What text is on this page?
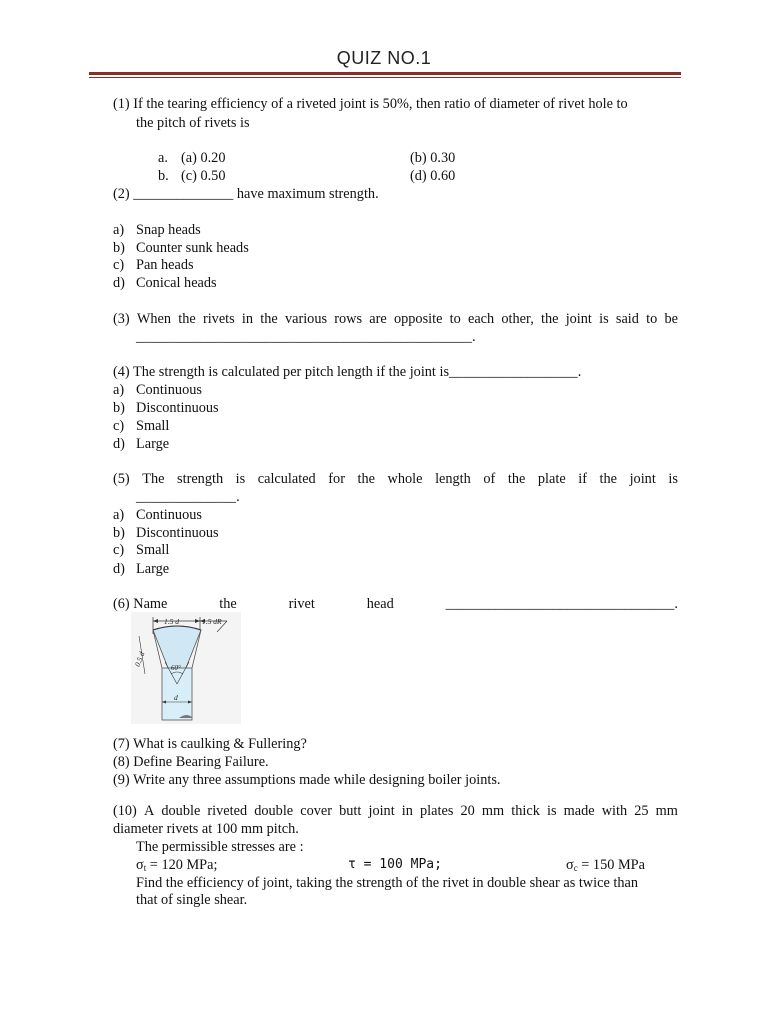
QUIZ NO.1
(1) If the tearing efficiency of a riveted joint is 50%, then ratio of diameter of rivet hole to
the pitch of rivets is
a. (a) 0.20	(b) 0.30
b. (c) 0.50	(d) 0.60
(2) ______________ have maximum strength.
a) Snap heads
b) Counter sunk heads
c) Pan heads
d) Conical heads
(3) When the rivets in the various rows are opposite to each other, the joint is said to be
_______________________________________________.
(4) The strength is calculated per pitch length if the joint is__________________.
a) Continuous
b) Discontinuous
c) Small
d) Large
(5) The strength is calculated for the whole length of the plate if the joint is
______________.
a) Continuous
b) Discontinuous
c) Small
d) Large
(6) Name	the	rivet	head	________________________________.
1.5 d	1.5 dR
60°
0.5 d
d
(7) What is caulking & Fullering?
(8) Define Bearing Failure.
(9) Write any three assumptions made while designing boiler joints.
(10) A double riveted double cover butt joint in plates 20 mm thick is made with 25 mm
diameter rivets at 100 mm pitch.
The permissible stresses are :
σt = 120 MPa;	τ = 100 MPa;	σc = 150 MPa
Find the efficiency of joint, taking the strength of the rivet in double shear as twice than
that of single shear.
